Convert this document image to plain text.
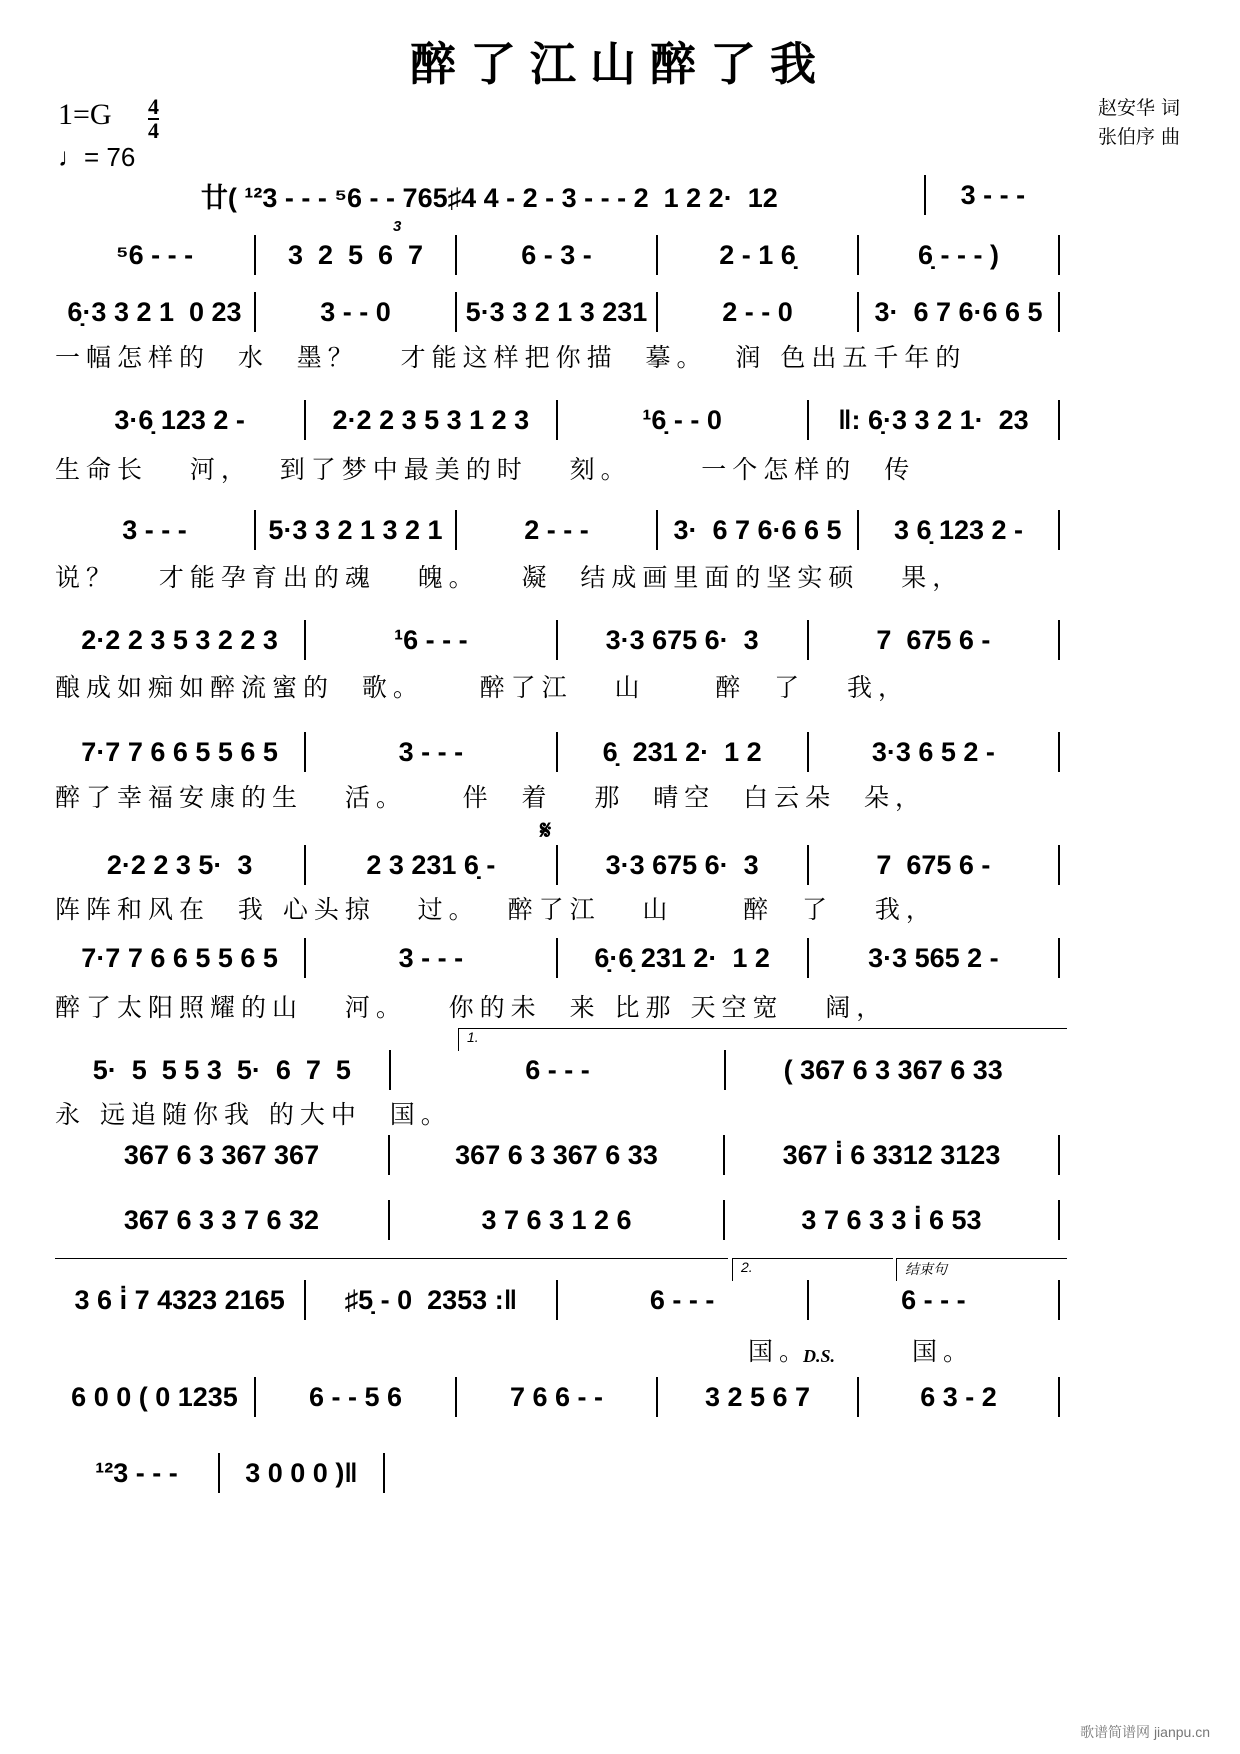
醉了江山醉了我
1=G 4
4
♩= 76
赵安华 词
张伯序 曲
廿( ¹²3 - - - ⁵6 - - 765♯4 4 - 2 - 3 - - - 2  1 2 2·  12	3 - - -
⁵6 - - -	3  2  5  6  7	6 - 3 -	2 - 1 6̣	6̣ - - - )
6̣·3 3 2 1  0 23	3 - - 0	5·3 3 2 1 3 231	2 - - 0	3·  6 7 6·6 6 5
3·6̣ 123 2 -	2·2 2 3 5 3 1 2 3	¹6̣ - - 0	‖: 6̣·3 3 2 1·  23
3 - - -	5·3 3 2 1 3 2 1	2 - - -	3·  6 7 6·6 6 5	3 6̣ 123 2 -
2·2 2 3 5 3 2 2 3	¹6 - - -	3·3 675 6·  3	7  675 6 -
7·7 7 6 6 5 5 6 5	3 - - -	6̣  231 2·  1 2	3·3 6 5 2 -
2·2 2 3 5·  3	2 3 231 6̣ -	3·3 675 6·  3	7  675 6 -
7·7 7 6 6 5 5 6 5	3 - - -	6̣·6̣ 231 2·  1 2	3·3 565 2 -
5·  5  5 5 3  5·  6  7  5	6 - - -	( 367 6 3 367 6 33
367 6 3 367 367	367 6 3 367 6 33	367 i̇ 6 3312 3123
367 6 3 3 7 6 32	3 7 6 3 1 2 6	3 7 6 3 3 i̇ 6 53
3 6 i̇ 7 4323 2165	♯5̣ - 0  2353 :‖	6 - - -	6 - - -
6 0 0 ( 0 1235	6 - - 5 6	7 6 6 - -	3 2 5 6 7	6 3 - 2
¹²3 - - -	3 0 0 0 )‖
一幅怎样的  水  墨？   才能这样把你描  摹。  润 色出五千年的
生命长   河，  到了梦中最美的时   刻。     一个怎样的  传
说？   才能孕育出的魂   魄。   凝  结成画里面的坚实硕   果，
酿成如痴如醉流蜜的  歌。    醉了江   山     醉  了   我，
醉了幸福安康的生   活。    伴  着   那  晴空  白云朵  朵，
阵阵和风在  我 心头掠   过。  醉了江   山     醉  了   我，
醉了太阳照耀的山   河。   你的未  来 比那 天空宽   阔，
永 远追随你我 的大中  国。
国。	国。
1.
2.	结束句
D.S.
𝄋
3
歌谱简谱网 jianpu.cn
